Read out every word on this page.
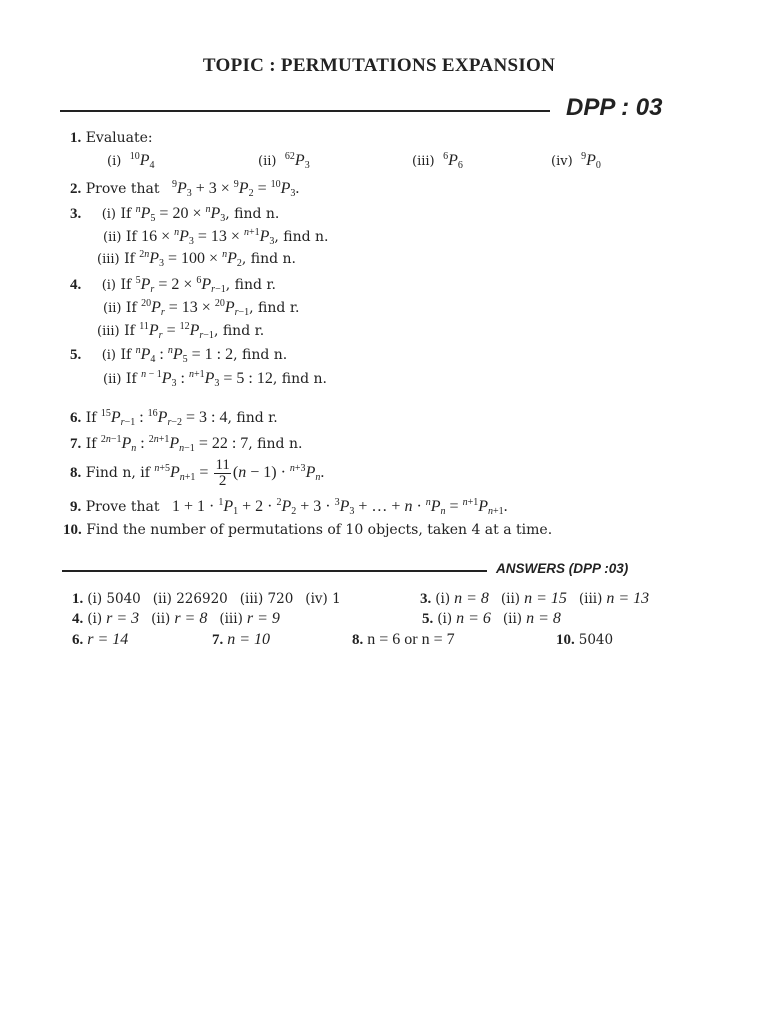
TOPIC : PERMUTATIONS EXPANSION
DPP : 03
1. Evaluate:
(i) $^{10}P_4$	(ii) $^{62}P_3$	(iii) $^6P_6$	(iv) $^9P_0$
2. Prove that $^9P_3 + 3 \times ^9P_2 = ^{10}P_3$.
3. (i) If $^nP_5 = 20 \times ^nP_3$, find n.
(ii) If $16 \times ^nP_3 = 13 \times ^{n+1}P_3$, find n.
(iii) If $^{2n}P_3 = 100 \times ^nP_2$, find n.
4. (i) If $^5P_r = 2 \times ^6P_{r-1}$, find r.
(ii) If $^{20}P_r = 13 \times ^{20}P_{r-1}$, find r.
(iii) If $^{11}P_r = ^{12}P_{r-1}$, find r.
5. (i) If $^nP_4$ : $^nP_5 = 1$ : 2, find n.
(ii) If $^{n - 1}P_3$ : $^{n+1}P_3 = 5$ : 12, find n.
6. If $^{15}P_{r-1}$ : $^{16}P_{r-2} = 3$ : 4, find r.
7. If $^{2n-1}P_n$ : $^{2n+1}P_{n-1} = 22$ : 7, find n.
8. Find n, if $^{n+5}P_{n+1} = \frac{11}{2} (n - 1) \cdot ^{n+3}P_n$.
9. Prove that   $1 + 1 \cdot ^1P_1 + 2 \cdot ^2P_2 + 3 \cdot ^3P_3$ + … + $n \cdot ^nP_n = ^{n+1}P_{n+1}$.
10. Find the number of permutations of 10 objects, taken 4 at a time.
ANSWERS (DPP :03)
1. (i) 5040 (ii) 226920 (iii) 720 (iv) 1	3. (i) n = 8 (ii) n = 15 (iii) n = 13
4. (i) r = 3 (ii) r = 8 (iii) r = 9	5. (i) n = 6 (ii) n = 8
6. r = 14	7. n = 10	8. n = 6 or n = 7	10. 5040
